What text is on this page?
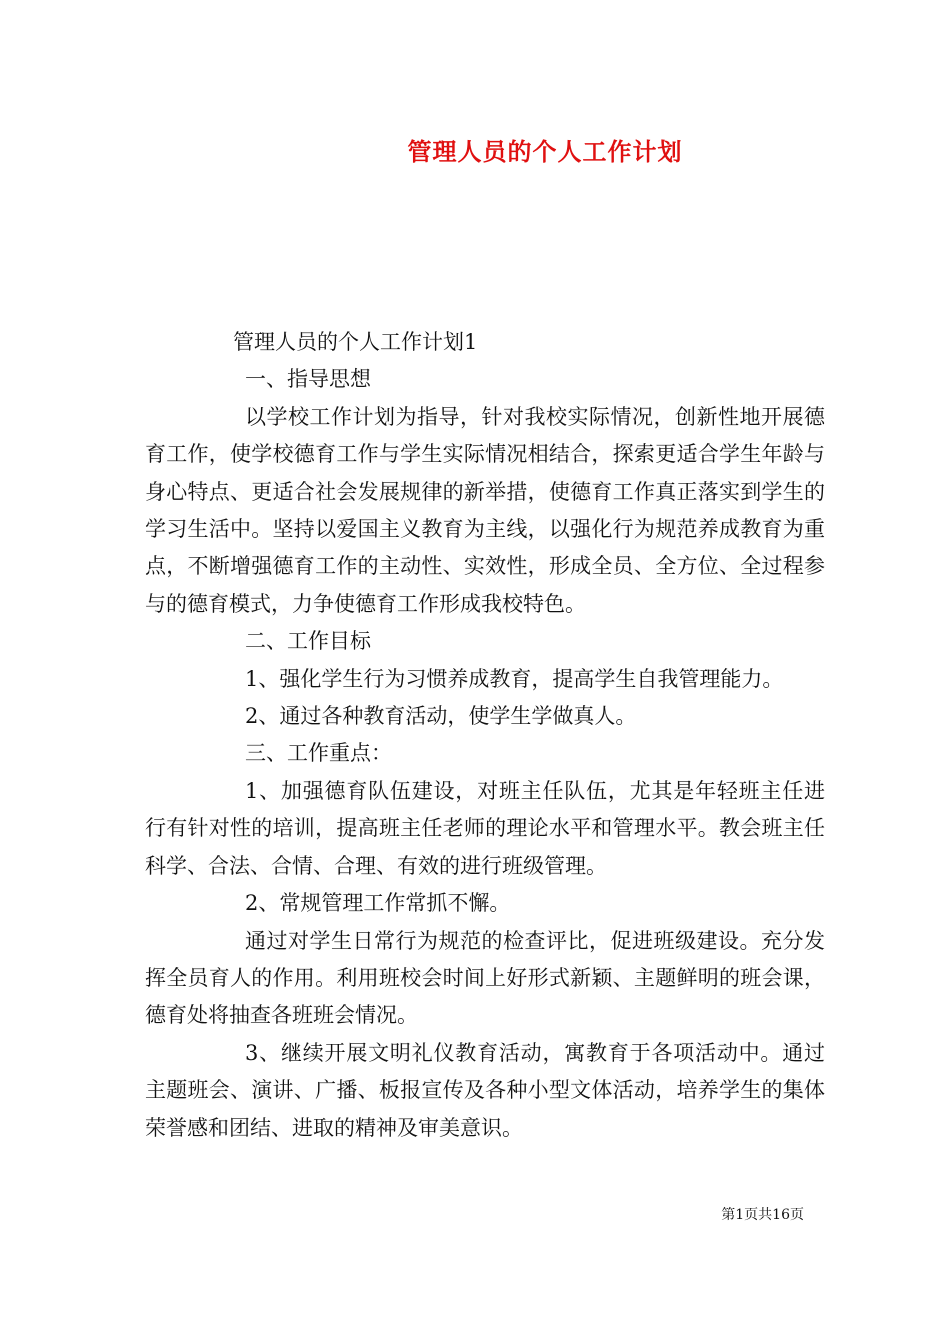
管理人员的个人工作计划

管理人员的个人工作计划1

一、指导思想

以学校工作计划为指导，针对我校实际情况，创新性地开展德育工作，使学校德育工作与学生实际情况相结合，探索更适合学生年龄与身心特点、更适合社会发展规律的新举措，使德育工作真正落实到学生的学习生活中。坚持以爱国主义教育为主线，以强化行为规范养成教育为重点，不断增强德育工作的主动性、实效性，形成全员、全方位、全过程参与的德育模式，力争使德育工作形成我校特色。

二、工作目标

1、强化学生行为习惯养成教育，提高学生自我管理能力。

2、通过各种教育活动，使学生学做真人。

三、工作重点：

1、加强德育队伍建设，对班主任队伍，尤其是年轻班主任进行有针对性的培训，提高班主任老师的理论水平和管理水平。教会班主任科学、合法、合情、合理、有效的进行班级管理。

2、常规管理工作常抓不懈。

通过对学生日常行为规范的检查评比，促进班级建设。充分发挥全员育人的作用。利用班校会时间上好形式新颖、主题鲜明的班会课，德育处将抽查各班班会情况。

3、继续开展文明礼仪教育活动，寓教育于各项活动中。通过主题班会、演讲、广播、板报宣传及各种小型文体活动，培养学生的集体荣誉感和团结、进取的精神及审美意识。

第1页共16页
